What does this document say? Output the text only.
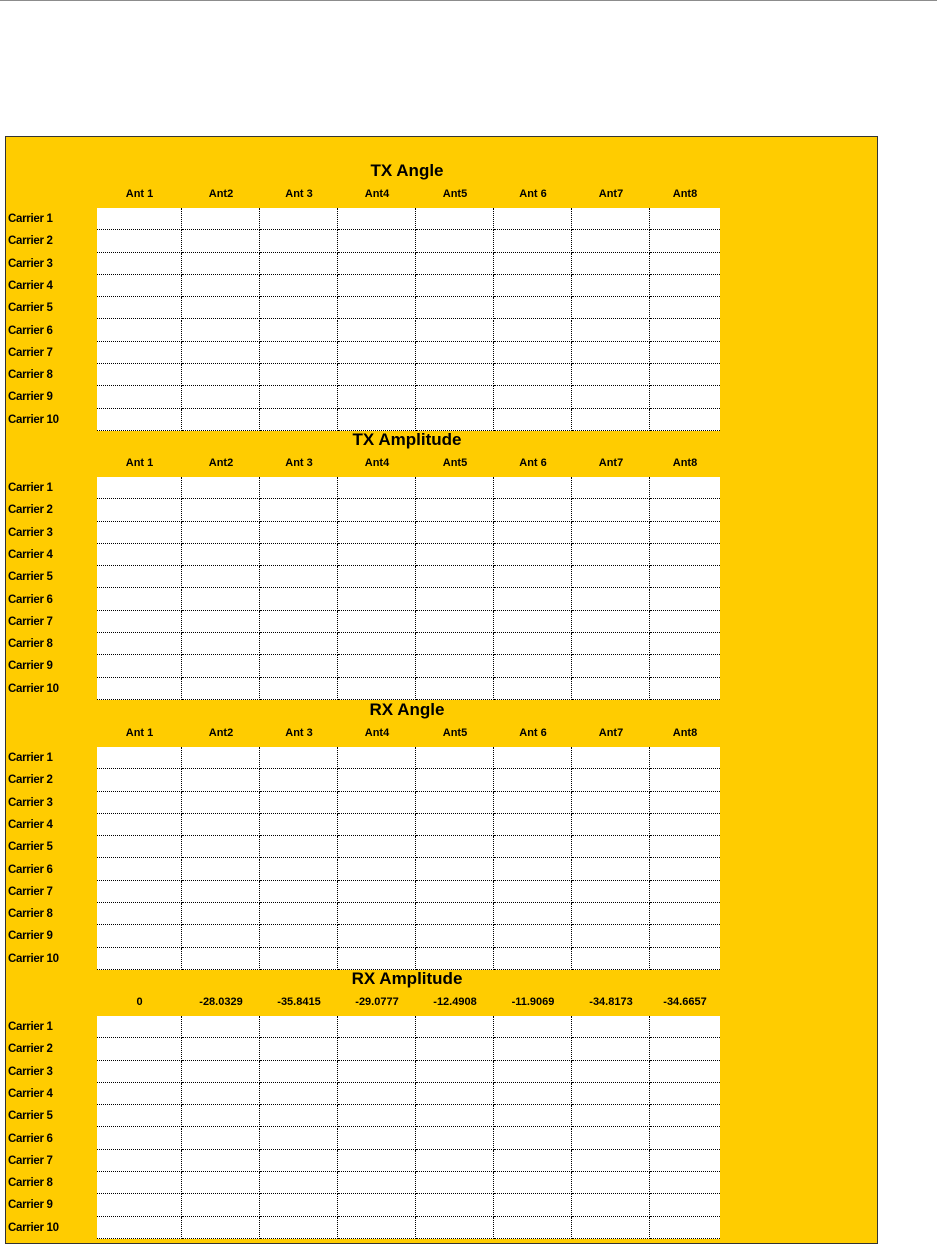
TX Angle
Ant 1	Ant2	Ant 3	Ant4	Ant5	Ant 6	Ant7	Ant8
Carrier 1
Carrier 2
Carrier 3
Carrier 4
Carrier 5
Carrier 6
Carrier 7
Carrier 8
Carrier 9
Carrier 10
TX Amplitude
Ant 1	Ant2	Ant 3	Ant4	Ant5	Ant 6	Ant7	Ant8
Carrier 1
Carrier 2
Carrier 3
Carrier 4
Carrier 5
Carrier 6
Carrier 7
Carrier 8
Carrier 9
Carrier 10
RX Angle
Ant 1	Ant2	Ant 3	Ant4	Ant5	Ant 6	Ant7	Ant8
Carrier 1
Carrier 2
Carrier 3
Carrier 4
Carrier 5
Carrier 6
Carrier 7
Carrier 8
Carrier 9
Carrier 10
RX Amplitude
0	-28.0329	-35.8415	-29.0777	-12.4908	-11.9069	-34.8173	-34.6657
Carrier 1
Carrier 2
Carrier 3
Carrier 4
Carrier 5
Carrier 6
Carrier 7
Carrier 8
Carrier 9
Carrier 10
